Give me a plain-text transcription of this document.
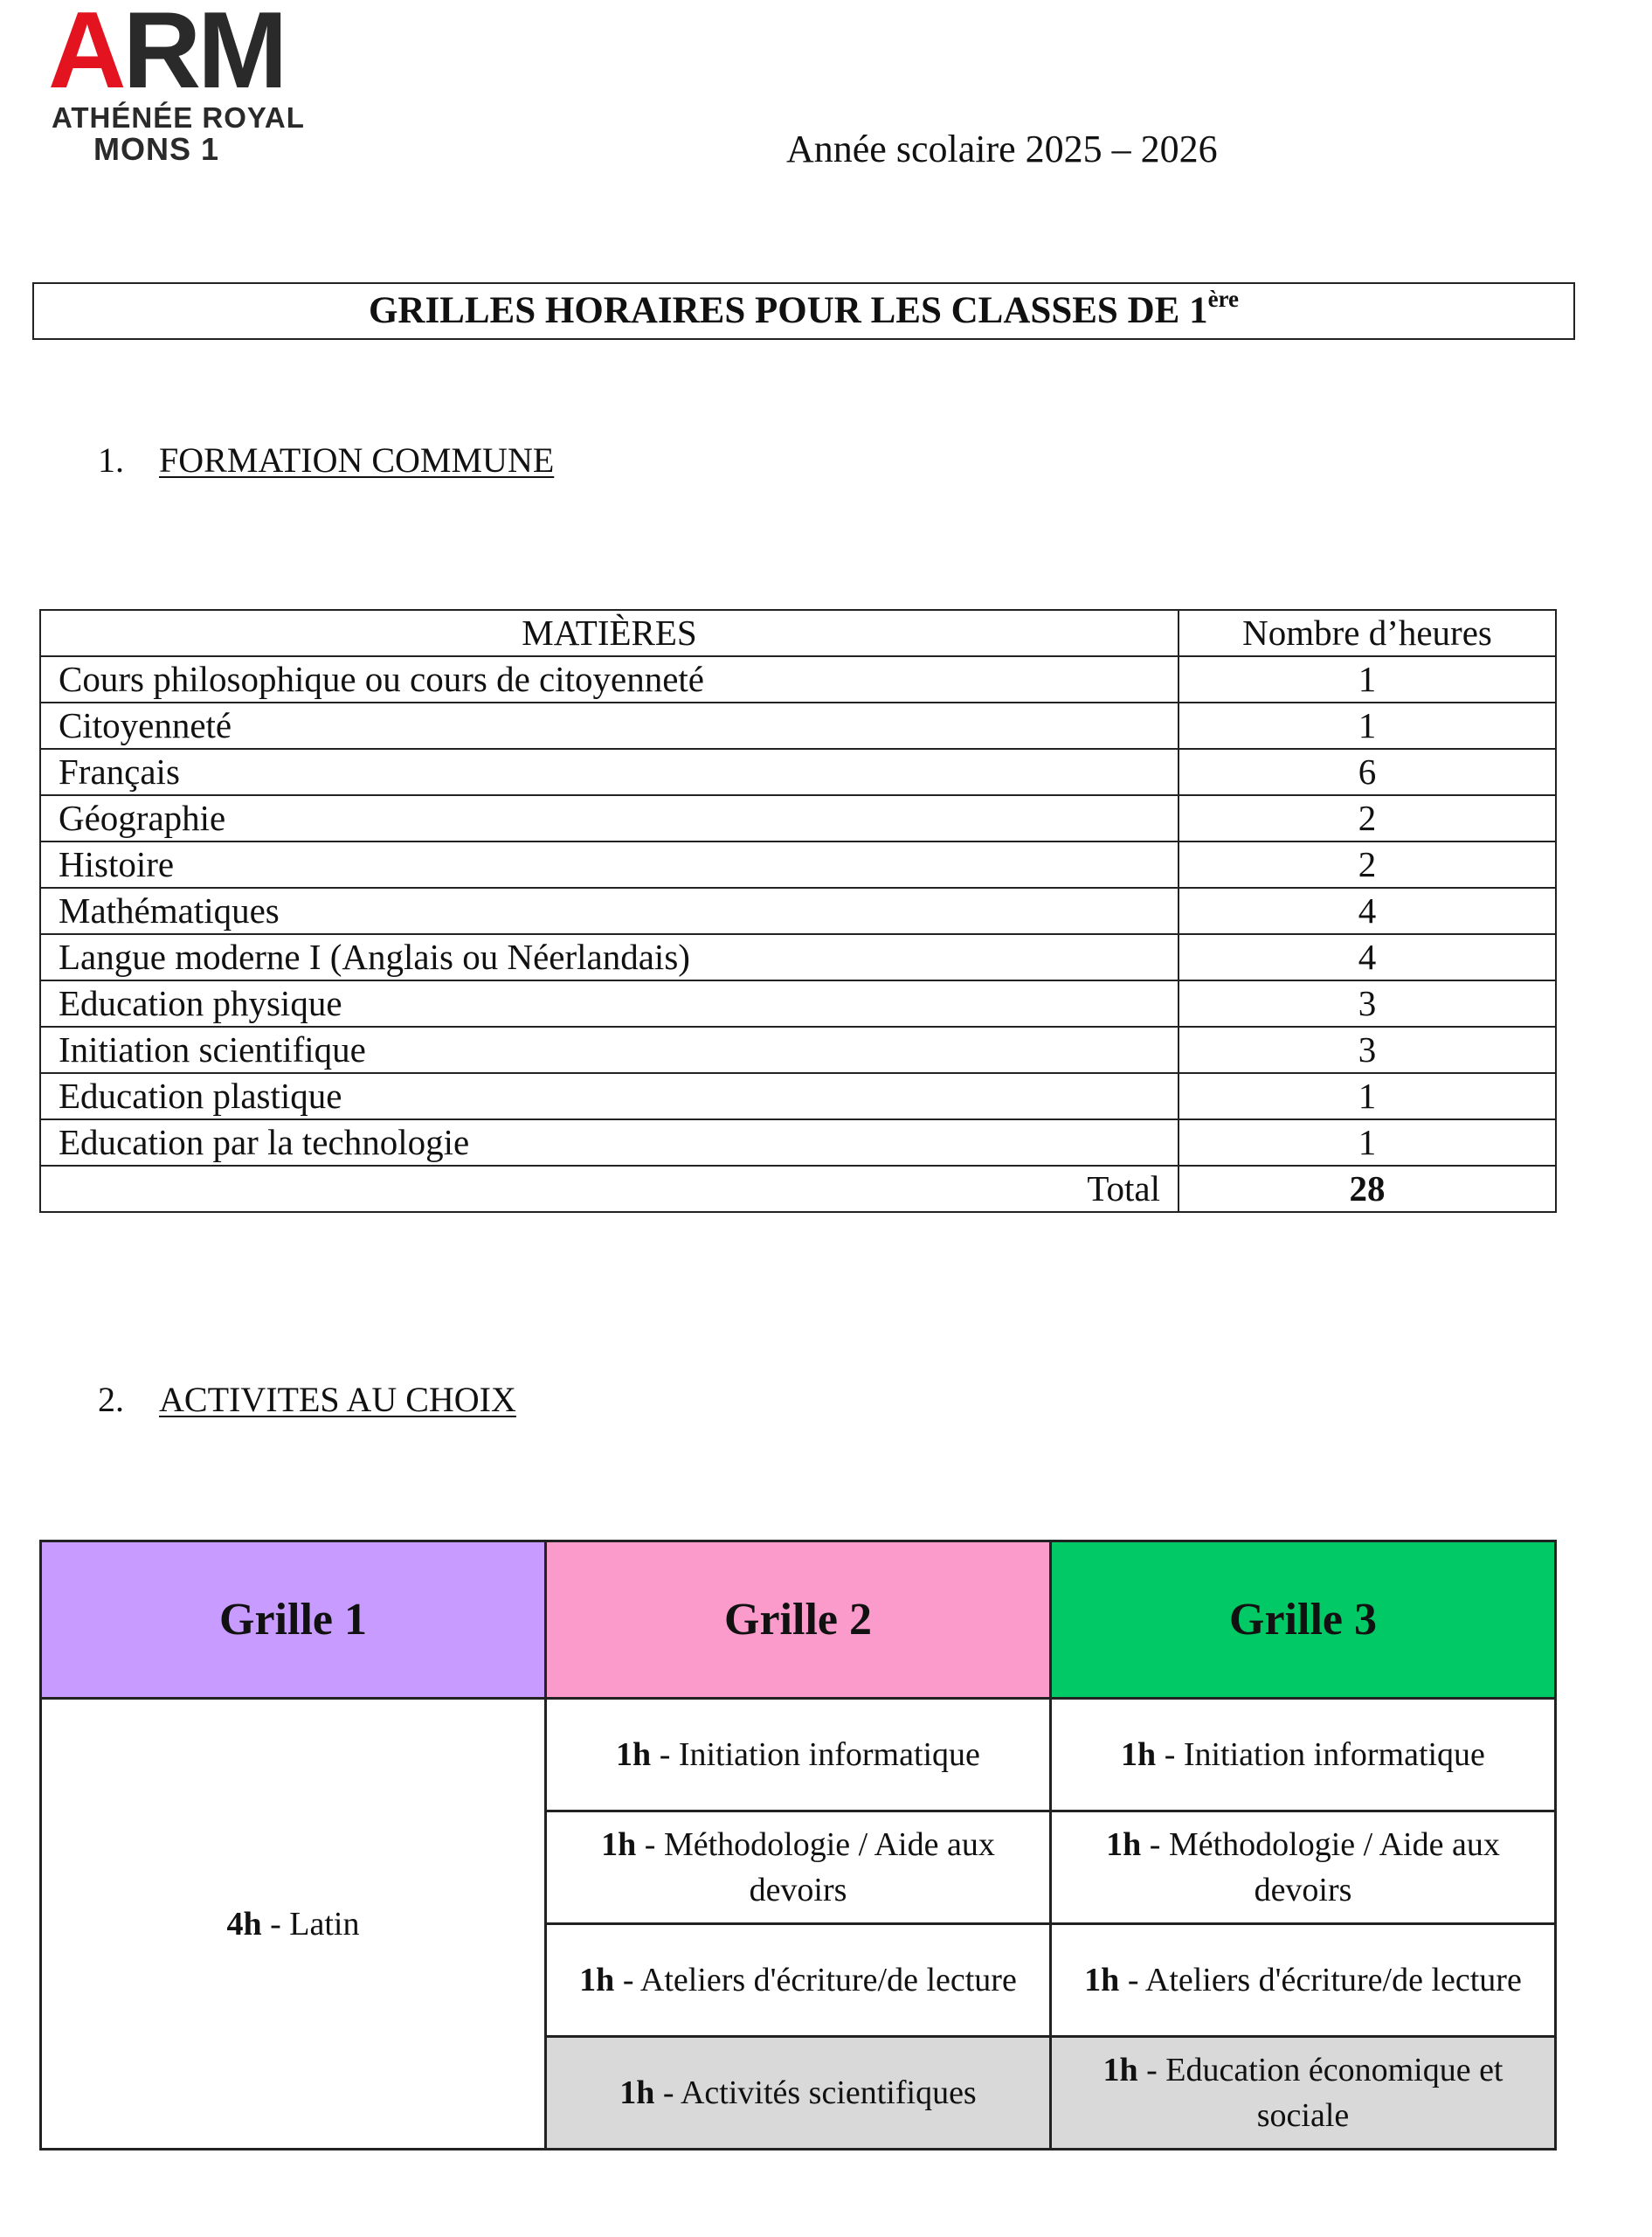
A RM
ATHÉNÉE ROYAL
MONS 1	Année scolaire 2025 – 2026
GRILLES HORAIRES POUR LES CLASSES DE 1ère
1. FORMATION COMMUNE
MATIÈRES	Nombre d’heures
Cours philosophique ou cours de citoyenneté	1
Citoyenneté	1
Français	6
Géographie	2
Histoire	2
Mathématiques	4
Langue moderne I (Anglais ou Néerlandais)	4
Education physique	3
Initiation scientifique	3
Education plastique	1
Education par la technologie	1
Total	28
2. ACTIVITES AU CHOIX
Grille 1	Grille 2	Grille 3
4h - Latin	1h - Initiation informatique	1h - Initiation informatique
	1h - Méthodologie / Aide aux devoirs	1h - Méthodologie / Aide aux devoirs
	1h - Ateliers d'écriture/de lecture	1h - Ateliers d'écriture/de lecture
	1h - Activités scientifiques	1h - Education économique et sociale
